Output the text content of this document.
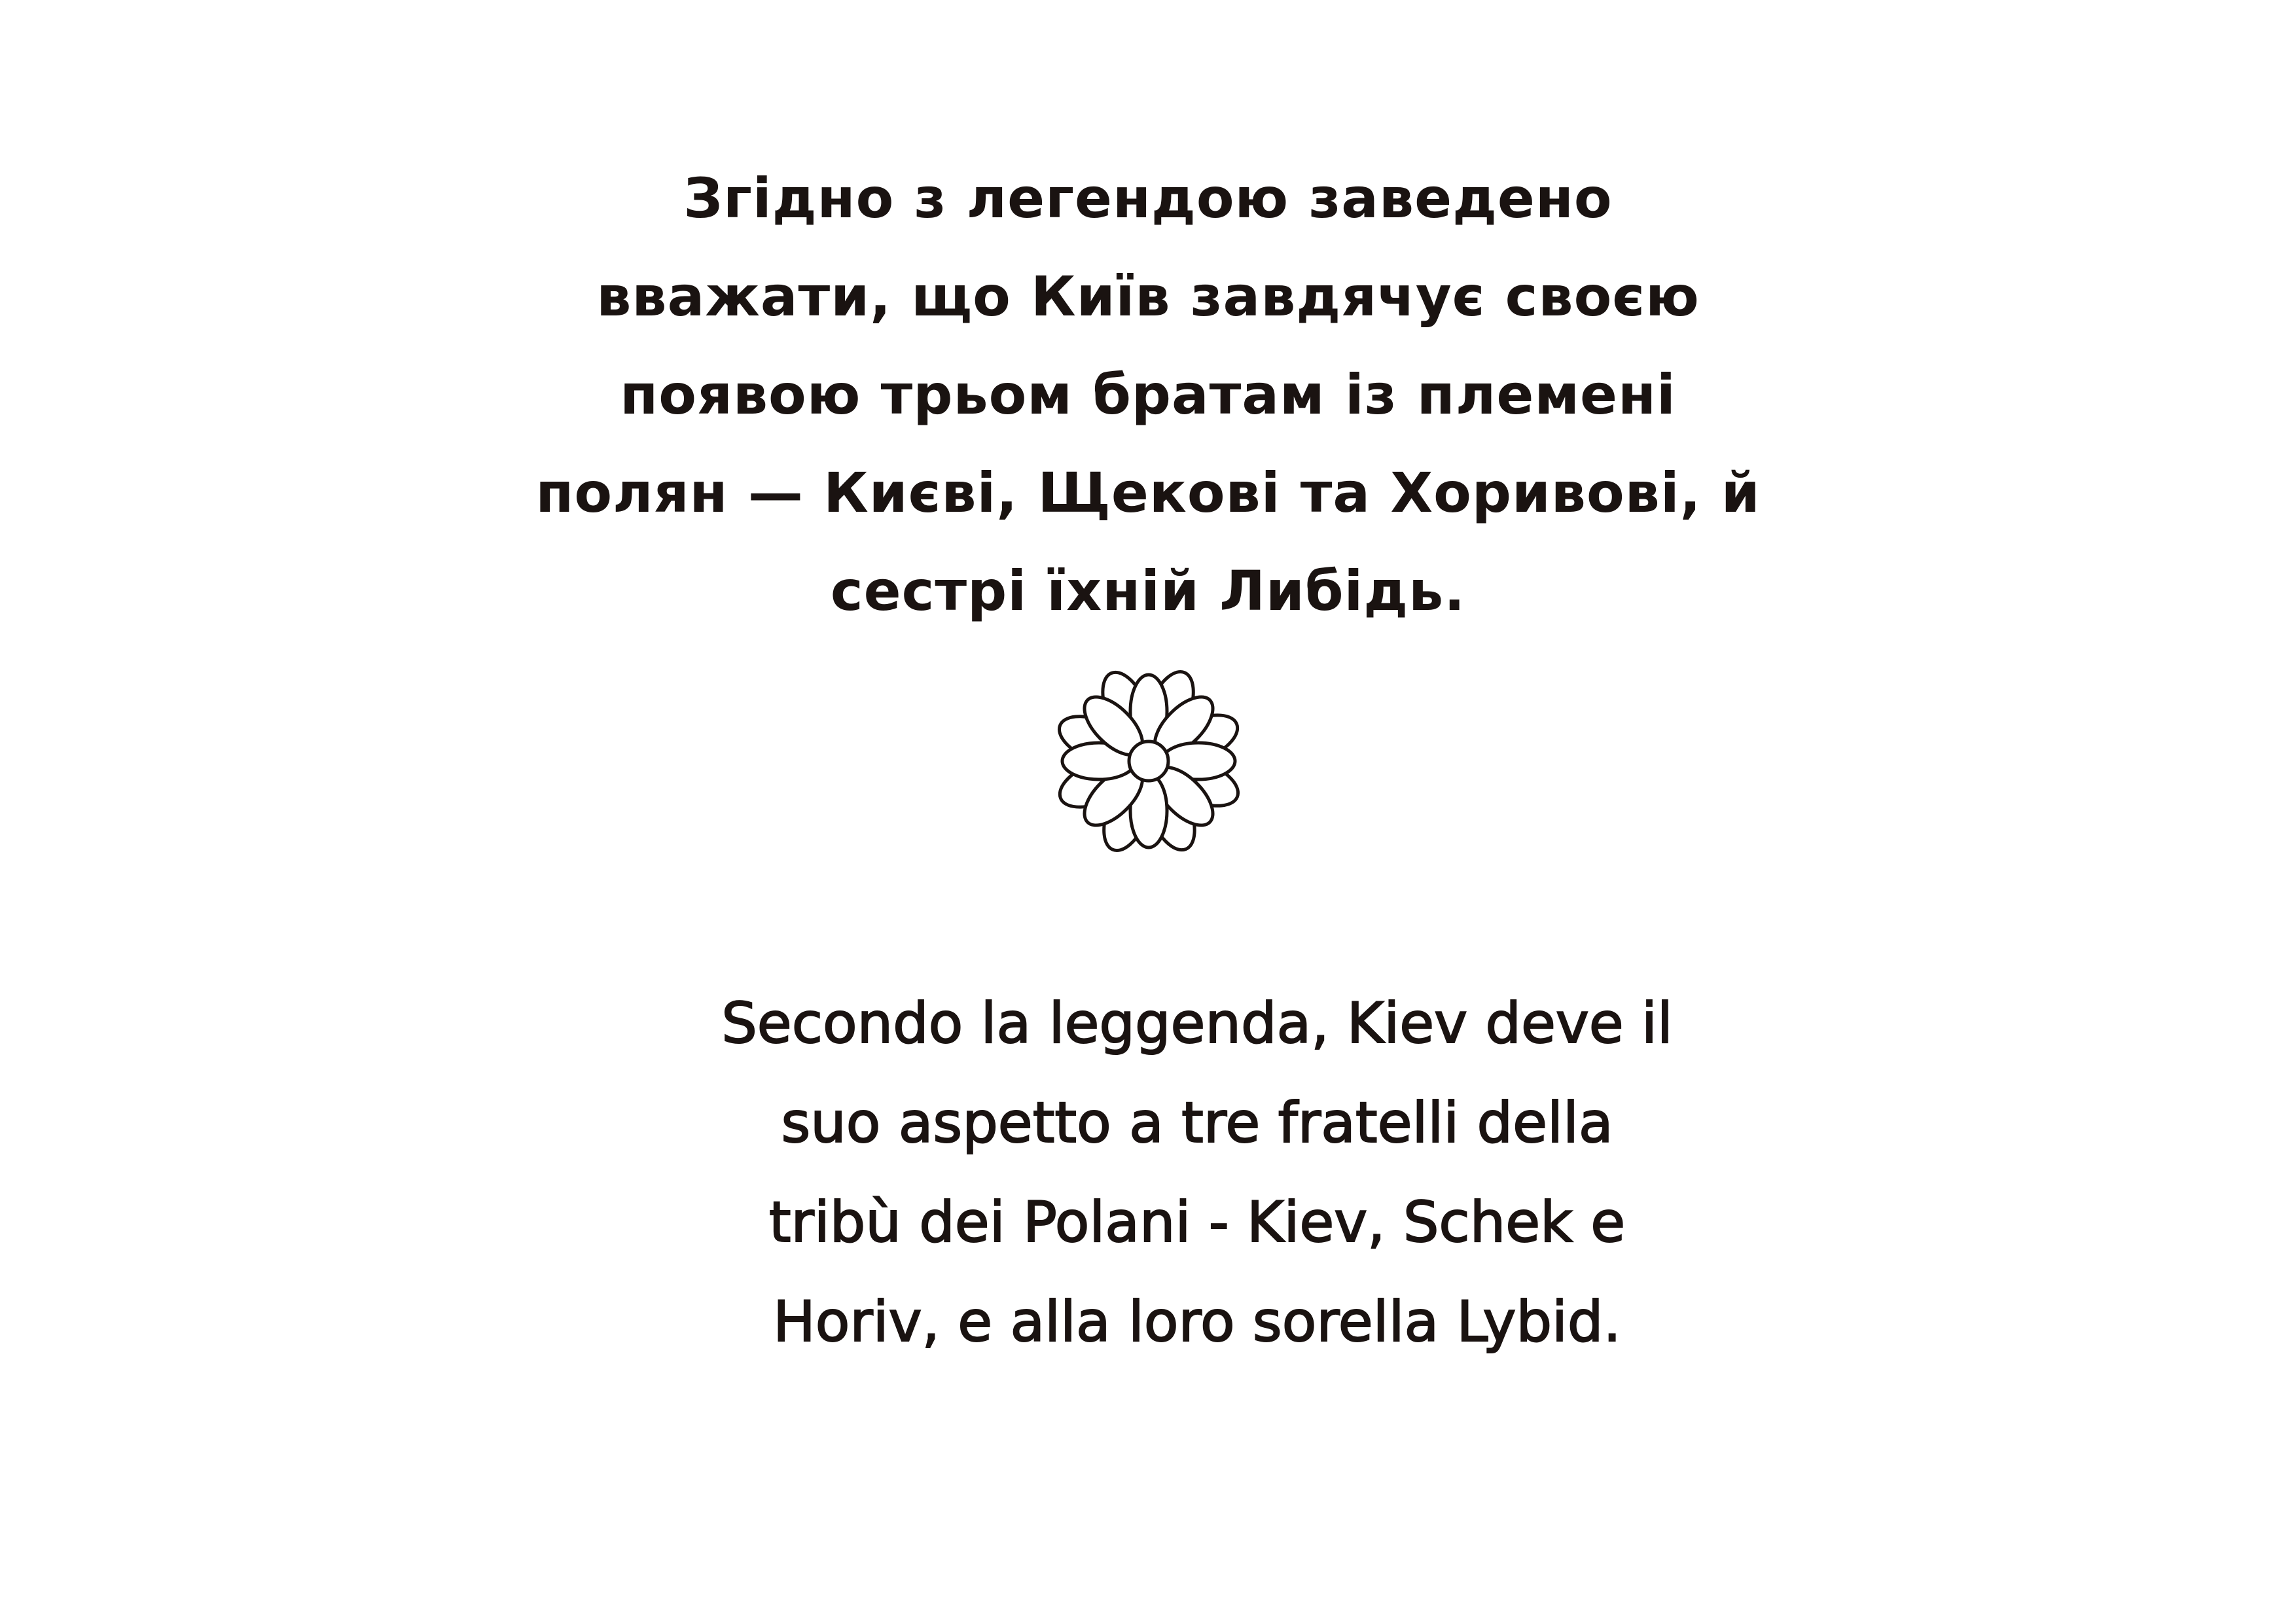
Згідно з легендою заведено
вважати, що Київ завдячує своєю
появою трьом братам із племені
полян — Києві, Щекові та Хоривові, й
сестрі їхній Либідь.
Secondo la leggenda, Kiev deve il
suo aspetto a tre fratelli della
tribù dei Polani - Kiev, Schek e
Horiv, e alla loro sorella Lybid.
